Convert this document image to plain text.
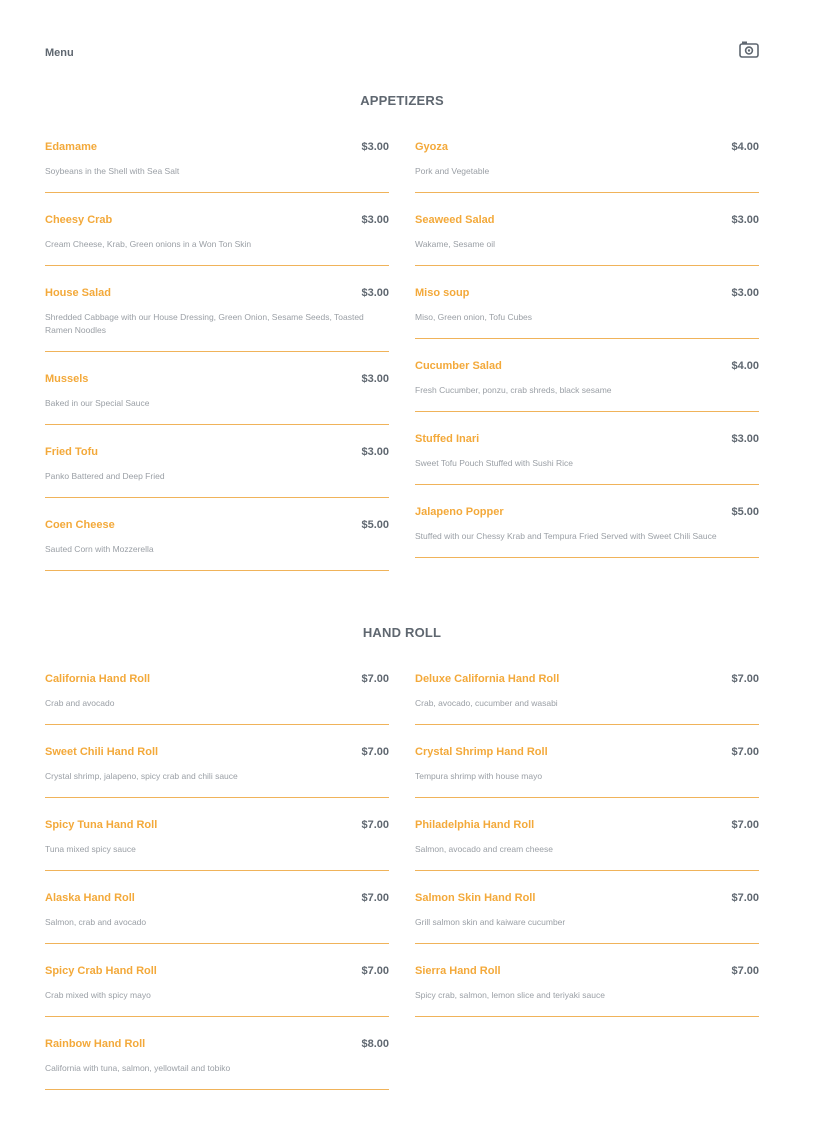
Menu
APPETIZERS
Edamame	$3.00
Soybeans in the Shell with Sea Salt
Cheesy Crab	$3.00
Cream Cheese, Krab, Green onions in a Won Ton Skin
House Salad	$3.00
Shredded Cabbage with our House Dressing, Green Onion, Sesame Seeds, Toasted Ramen Noodles
Mussels	$3.00
Baked in our Special Sauce
Fried Tofu	$3.00
Panko Battered and Deep Fried
Coen Cheese	$5.00
Sauted Corn with Mozzerella
Gyoza	$4.00
Pork and Vegetable
Seaweed Salad	$3.00
Wakame, Sesame oil
Miso soup	$3.00
Miso, Green onion, Tofu Cubes
Cucumber Salad	$4.00
Fresh Cucumber, ponzu, crab shreds, black sesame
Stuffed Inari	$3.00
Sweet Tofu Pouch Stuffed with Sushi Rice
Jalapeno Popper	$5.00
Stuffed with our Chessy Krab and Tempura Fried Served with Sweet Chili Sauce
HAND ROLL
California Hand Roll	$7.00
Crab and avocado
Sweet Chili Hand Roll	$7.00
Crystal shrimp, jalapeno, spicy crab and chili sauce
Spicy Tuna Hand Roll	$7.00
Tuna mixed spicy sauce
Alaska Hand Roll	$7.00
Salmon, crab and avocado
Spicy Crab Hand Roll	$7.00
Crab mixed with spicy mayo
Rainbow Hand Roll	$8.00
California with tuna, salmon, yellowtail and tobiko
Deluxe California Hand Roll	$7.00
Crab, avocado, cucumber and wasabi
Crystal Shrimp Hand Roll	$7.00
Tempura shrimp with house mayo
Philadelphia Hand Roll	$7.00
Salmon, avocado and cream cheese
Salmon Skin Hand Roll	$7.00
Grill salmon skin and kaiware cucumber
Sierra Hand Roll	$7.00
Spicy crab, salmon, lemon slice and teriyaki sauce
